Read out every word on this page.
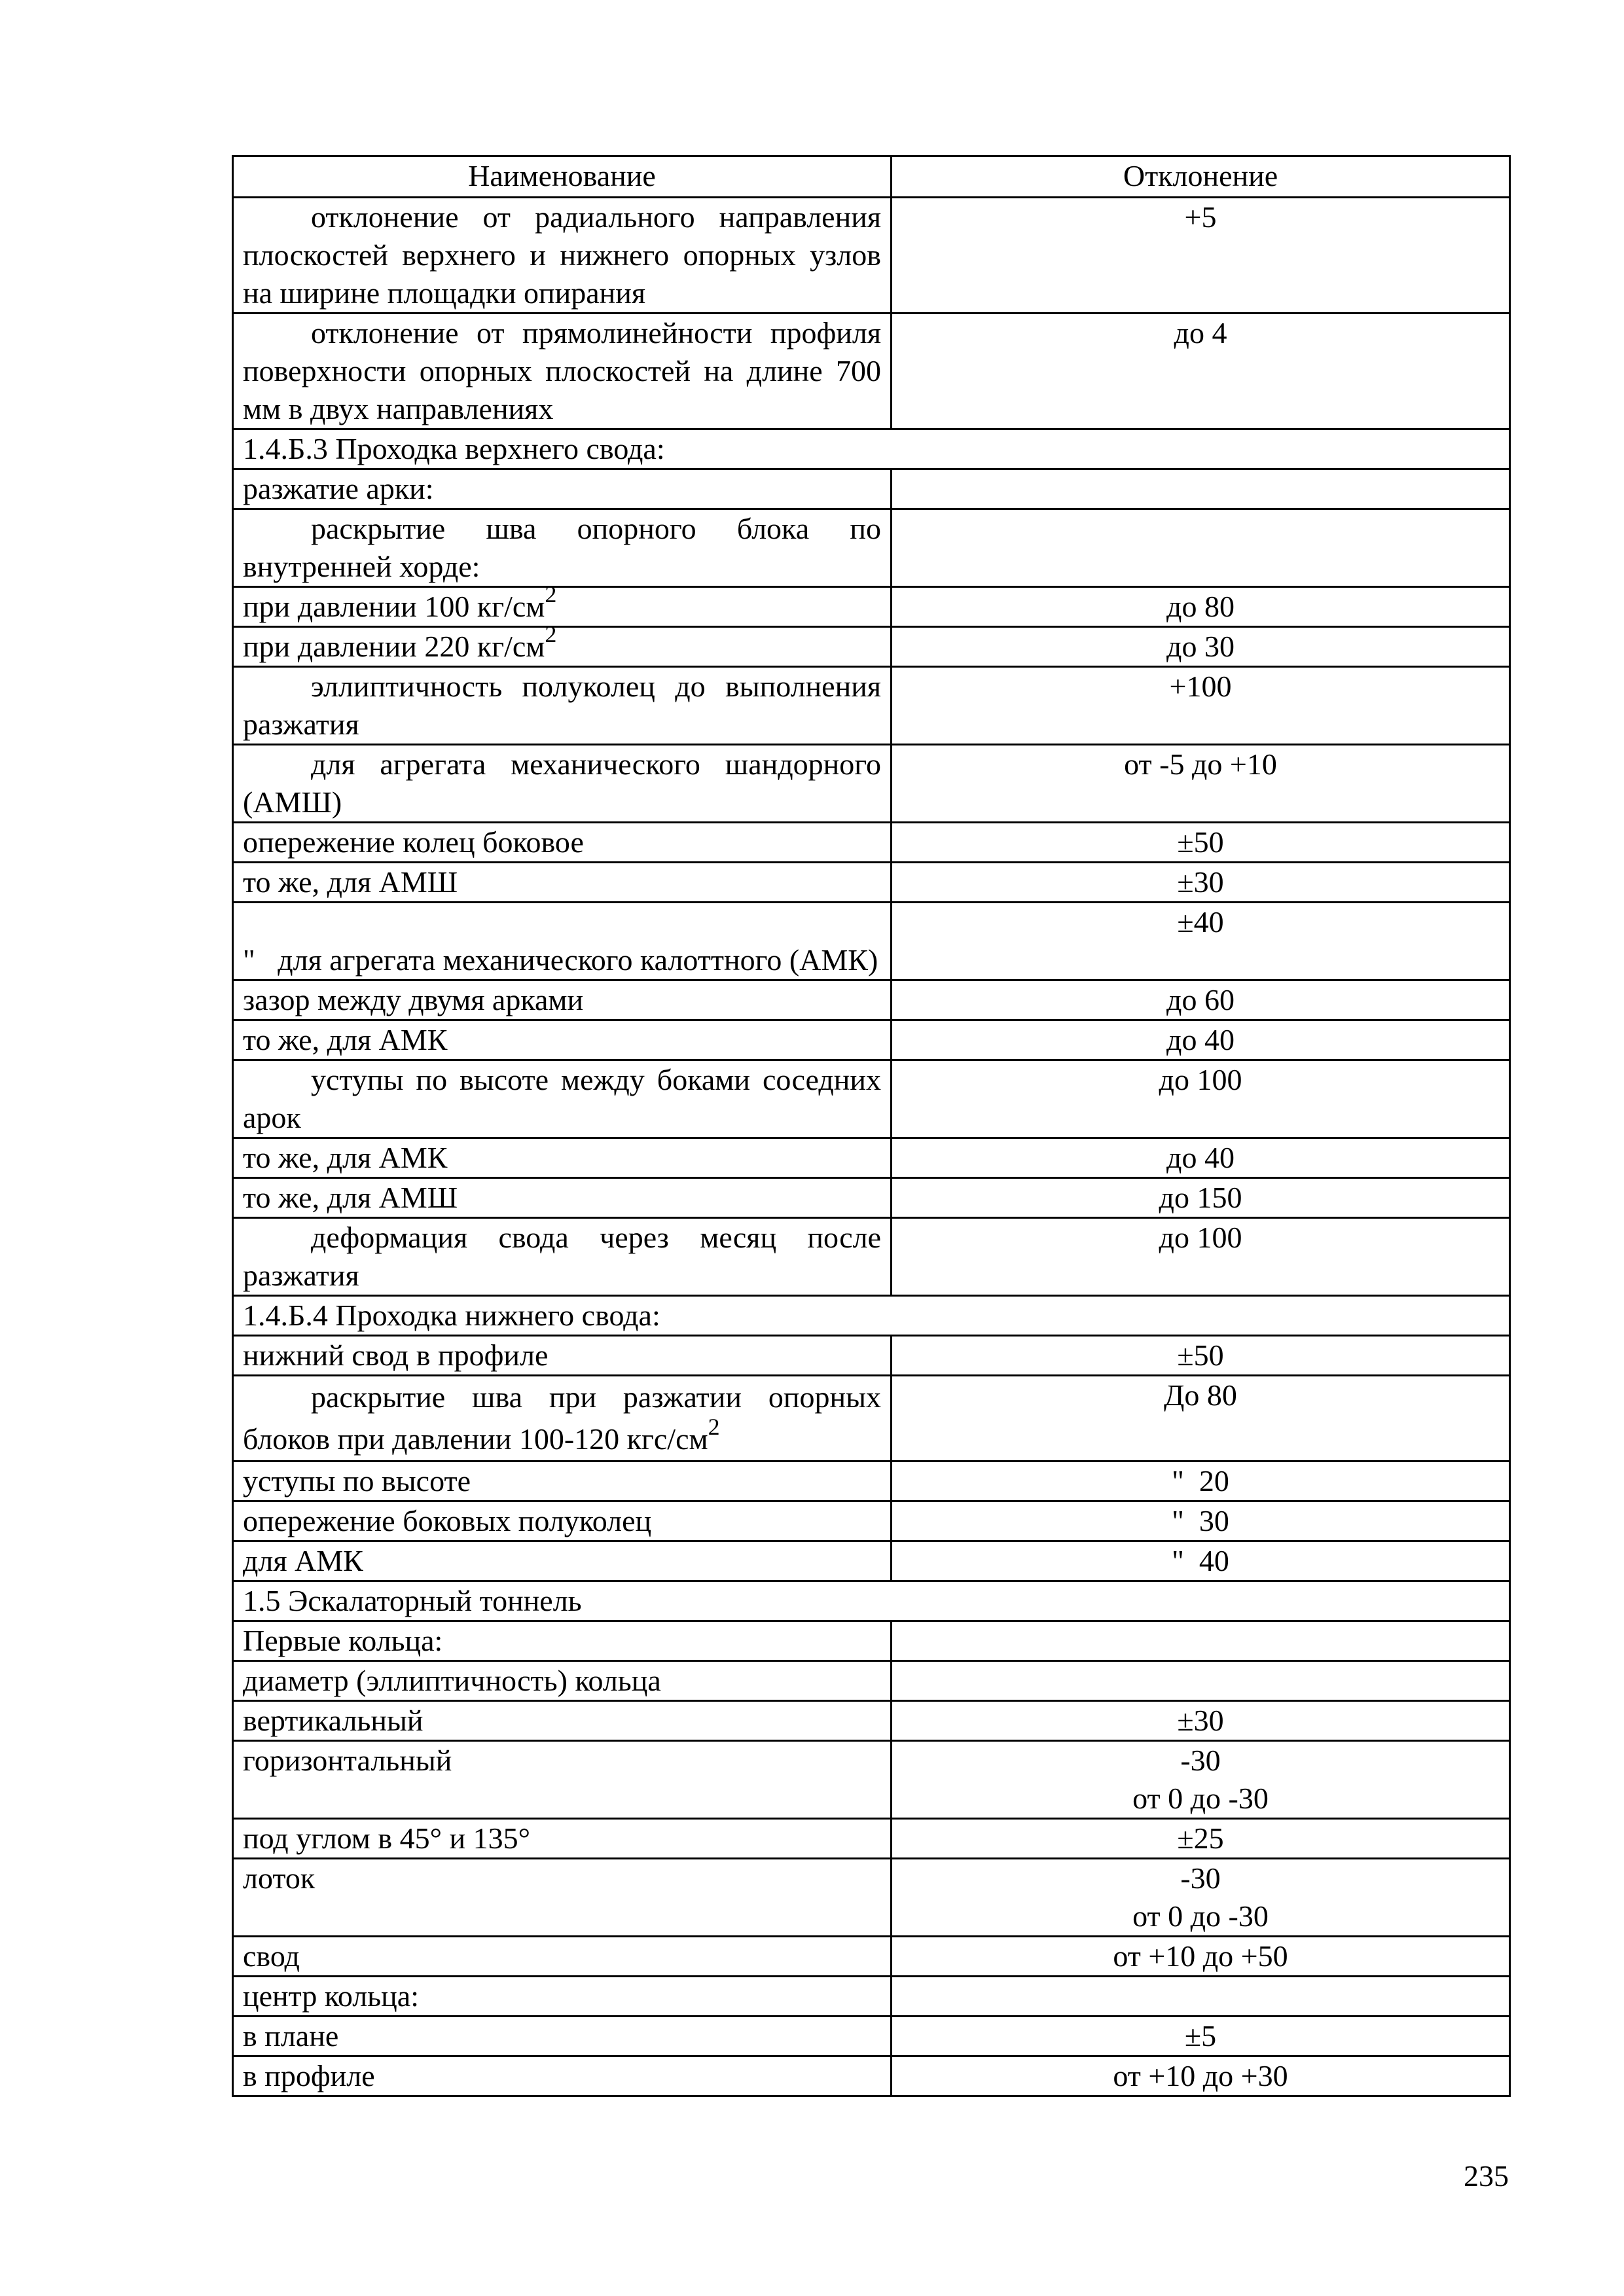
Наименование	Отклонение
отклонение от радиального направления плоскостей верхнего и нижнего опорных узлов на ширине площадки опирания	+5
отклонение от прямолинейности профиля поверхности опорных плоскостей на длине 700 мм в двух направлениях	до 4
1.4.Б.3 Проходка верхнего свода:	
разжатие арки:	
раскрытие шва опорного блока по внутренней хорде:	
при давлении 100 $кг/см^2$	до 80
при давлении 220 $кг/см^2$	до 30
эллиптичность полуколец до выполнения разжатия	+100
для агрегата механического шандорного (АМШ)	от -5 до +10
опережение колец боковое	±50
то же, для АМШ	±30
"   для агрегата механического калоттного (АМК)	±40
зазор между двумя арками	до 60
то же, для АМК	до 40
уступы по высоте между боками соседних арок	до 100
то же, для АМК	до 40
то же, для АМШ	до 150
деформация свода через месяц после разжатия	до 100
1.4.Б.4 Проходка нижнего свода:	
нижний свод в профиле	±50
раскрытие шва при разжатии опорных блоков при давлении 100-120 кгс/$см^2$	До 80
уступы по высоте	"  20
опережение боковых полуколец	"  30
для АМК	"  40
1.5 Эскалаторный тоннель	
Первые кольца:	
диаметр (эллиптичность) кольца	
вертикальный	±30
горизонтальный	-30
от 0 до -30

под углом в 45° и 135°	±25
лоток	-30
от 0 до -30

свод	от +10 до +50
центр кольца:	
в плане	±5
в профиле	от +10 до +30
235
